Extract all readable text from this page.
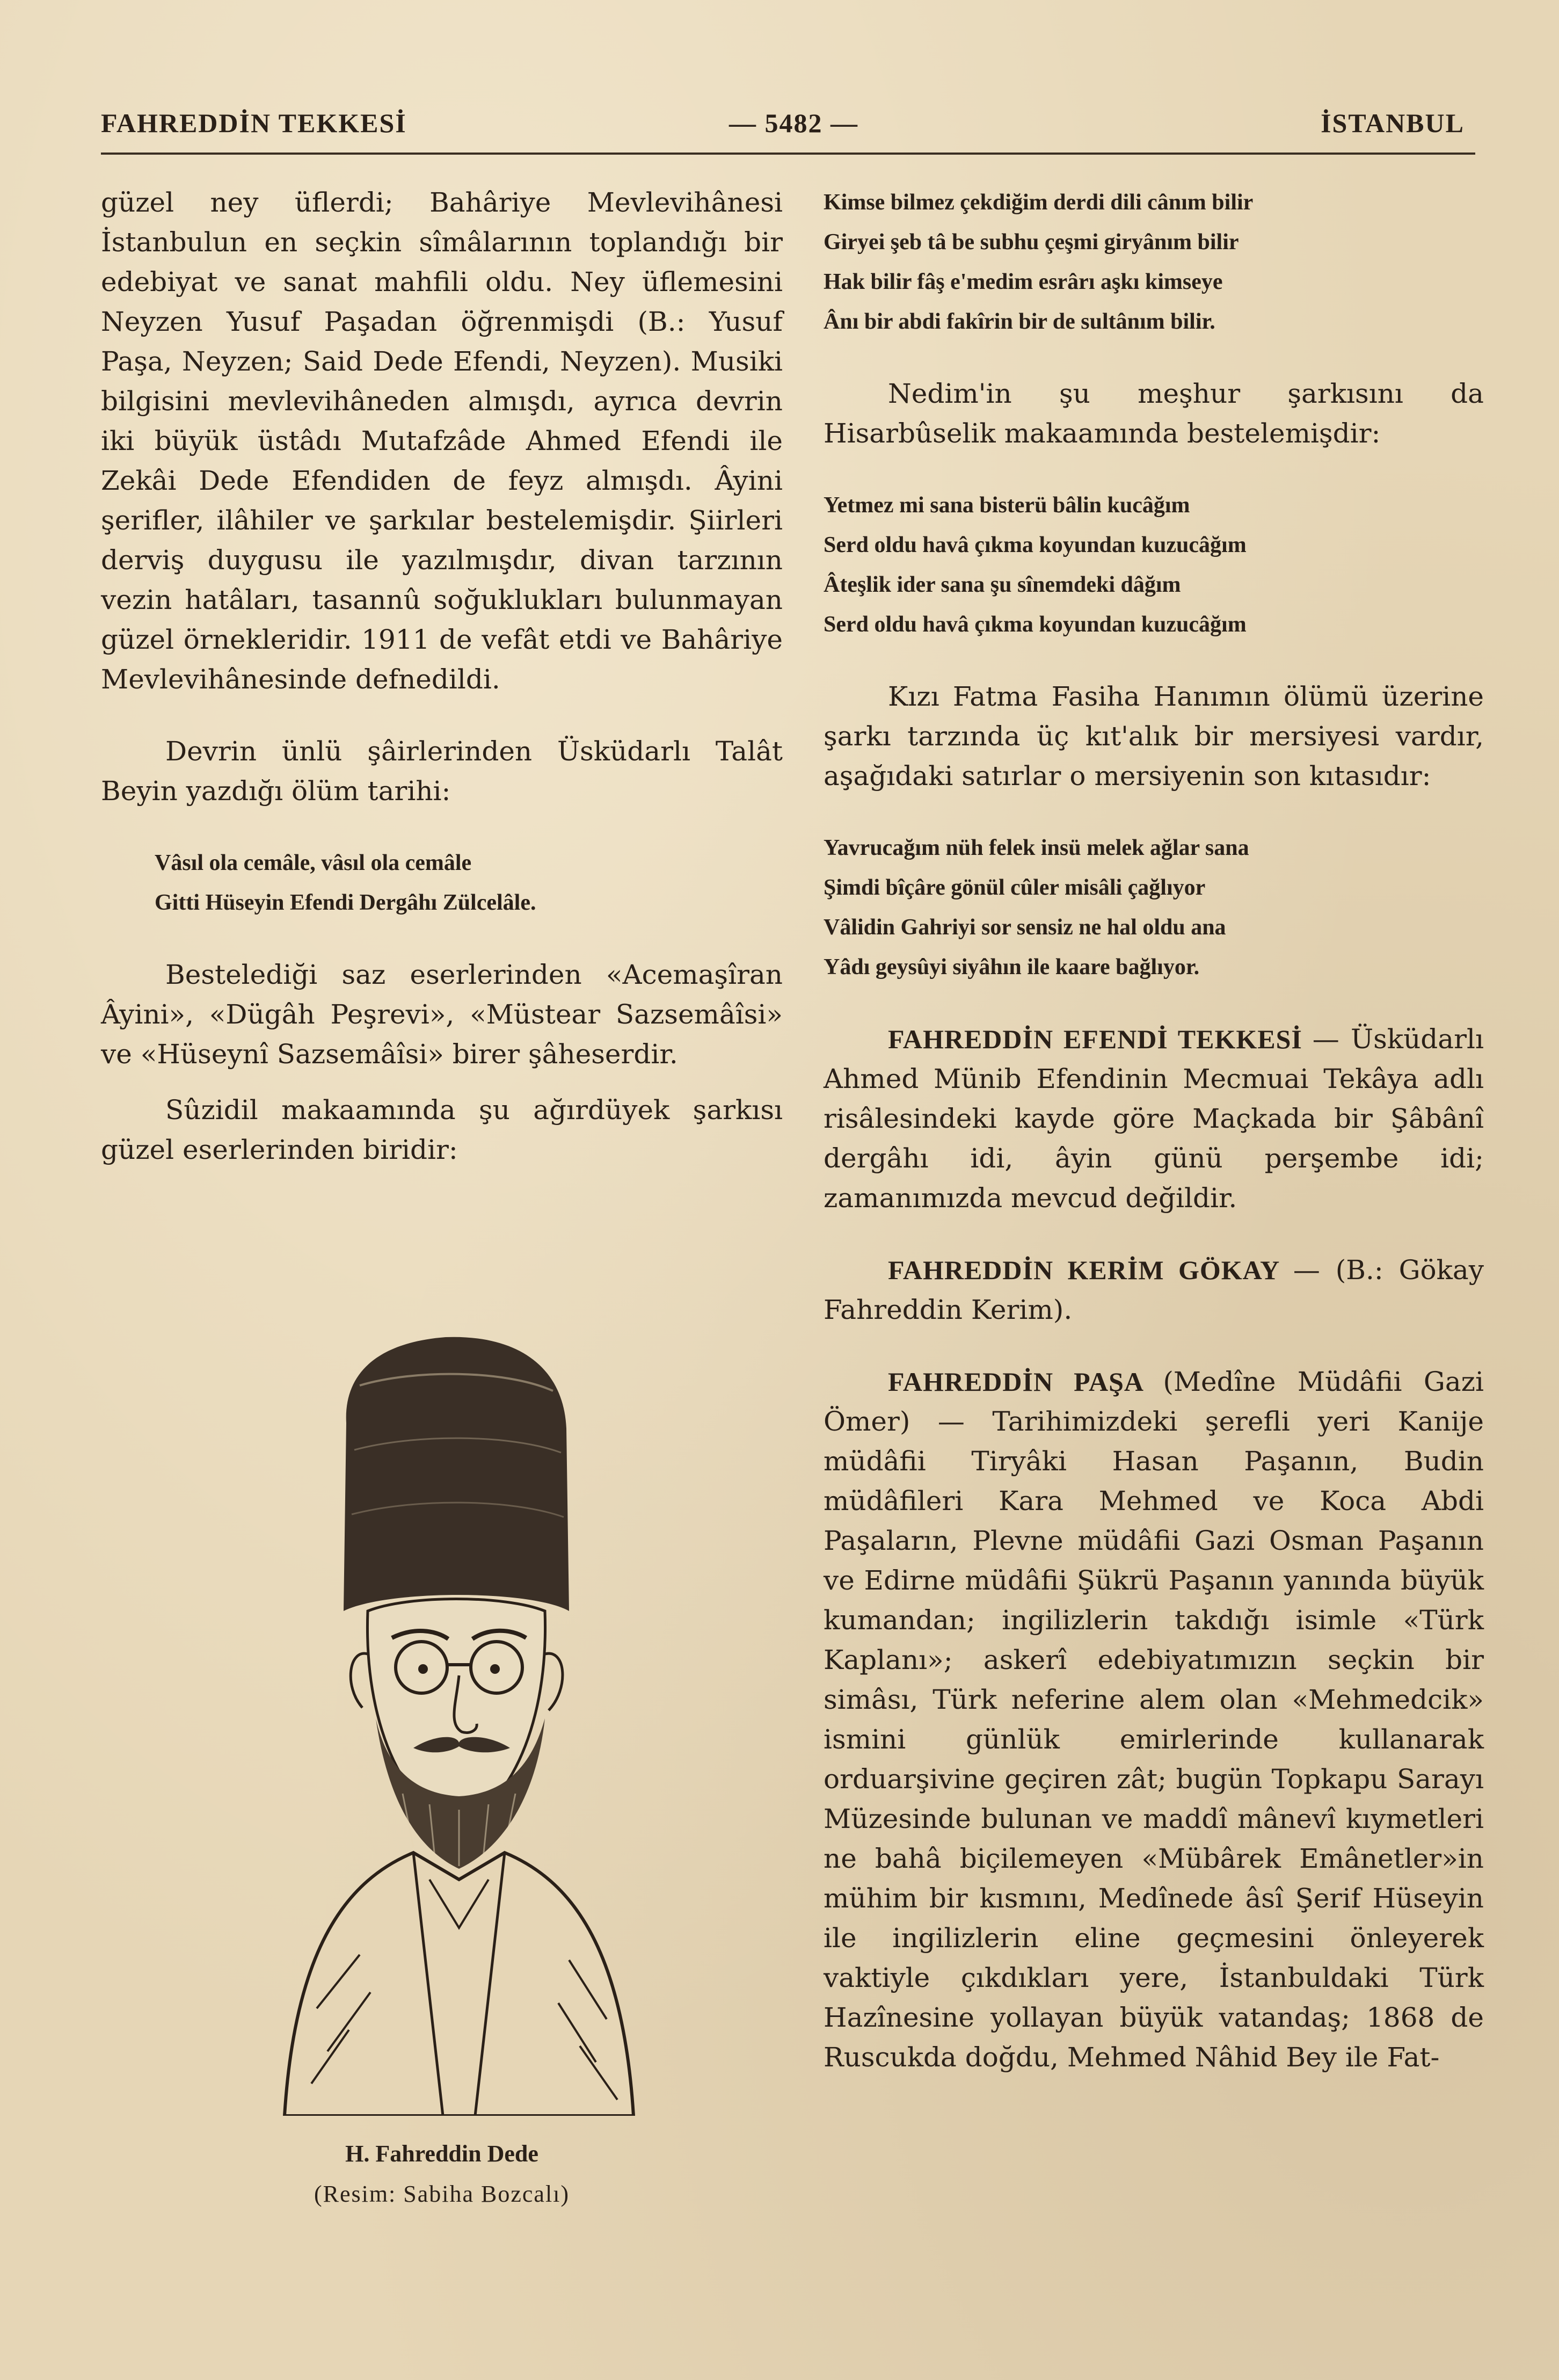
FAHREDDİN TEKKESİ	— 5482 —	İSTANBUL

güzel ney üflerdi; Bahâriye Mevlevihânesi İstanbulun en seçkin sîmâlarının toplandığı bir edebiyat ve sanat mahfili oldu. Ney üflemesini Neyzen Yusuf Paşadan öğrenmişdi (B.: Yusuf Paşa, Neyzen; Said Dede Efendi, Neyzen). Musiki bilgisini mevlevihâneden almışdı, ayrıca devrin iki büyük üstâdı Mutafzâde Ahmed Efendi ile Zekâi Dede Efendiden de feyz almışdı. Âyini şerifler, ilâhiler ve şarkılar bestelemişdir. Şiirleri derviş duygusu ile yazılmışdır, divan tarzının vezin hatâları, tasannû soğuklukları bulunmayan güzel örnekleridir. 1911 de vefât etdi ve Bahâriye Mevlevihânesinde defnedildi.

Devrin ünlü şâirlerinden Üsküdarlı Talât Beyin yazdığı ölüm tarihi:

Vâsıl ola cemâle, vâsıl ola cemâle

Gitti Hüseyin Efendi Dergâhı Zülcelâle.

Bestelediği saz eserlerinden «Acemaşîran Âyini», «Dügâh Peşrevi», «Müstear Sazsemâîsi» ve «Hüseynî Sazsemâîsi» birer şâheserdir.

Sûzidil makaamında şu ağırdüyek şarkısı güzel eserlerinden biridir:

H. Fahreddin Dede
(Resim: Sabiha Bozcalı)

Kimse bilmez çekdiğim derdi dili cânım bilir

Giryei şeb tâ be subhu çeşmi giryânım bilir

Hak bilir fâş e'medim esrârı aşkı kimseye

Ânı bir abdi fakîrin bir de sultânım bilir.

Nedim'in şu meşhur şarkısını da Hisarbûselik makaamında bestelemişdir:

Yetmez mi sana bisterü bâlin kucâğım

Serd oldu havâ çıkma koyundan kuzucâğım

Âteşlik ider sana şu sînemdeki dâğım

Serd oldu havâ çıkma koyundan kuzucâğım

Kızı Fatma Fasiha Hanımın ölümü üzerine şarkı tarzında üç kıt'alık bir mersiyesi vardır, aşağıdaki satırlar o mersiyenin son kıtasıdır:

Yavrucağım nüh felek insü melek ağlar sana

Şimdi bîçâre gönül cûler misâli çağlıyor

Vâlidin Gahriyi sor sensiz ne hal oldu ana

Yâdı geysûyi siyâhın ile kaare bağlıyor.

FAHREDDİN EFENDİ TEKKESİ — Üsküdarlı Ahmed Münib Efendinin Mecmuai Tekâya adlı risâlesindeki kayde göre Maçkada bir Şâbânî dergâhı idi, âyin günü perşembe idi; zamanımızda mevcud değildir.

FAHREDDİN KERİM GÖKAY — (B.: Gökay Fahreddin Kerim).

FAHREDDİN PAŞA (Medîne Müdâfii Gazi Ömer) — Tarihimizdeki şerefli yeri Kanije müdâfii Tiryâki Hasan Paşanın, Budin müdâfileri Kara Mehmed ve Koca Abdi Paşaların, Plevne müdâfii Gazi Osman Paşanın ve Edirne müdâfii Şükrü Paşanın yanında büyük kumandan; ingilizlerin takdığı isimle «Türk Kaplanı»; askerî edebiyatımızın seçkin bir simâsı, Türk neferine alem olan «Mehmedcik» ismini günlük emirlerinde kullanarak orduarşivine geçiren zât; bugün Topkapu Sarayı Müzesinde bulunan ve maddî mânevî kıymetleri ne bahâ biçilemeyen «Mübârek Emânetler»in mühim bir kısmını, Medînede âsî Şerif Hüseyin ile ingilizlerin eline geçmesini önleyerek vaktiyle çıkdıkları yere, İstanbuldaki Türk Hazînesine yollayan büyük vatandaş; 1868 de Ruscukda doğdu, Mehmed Nâhid Bey ile Fat-
